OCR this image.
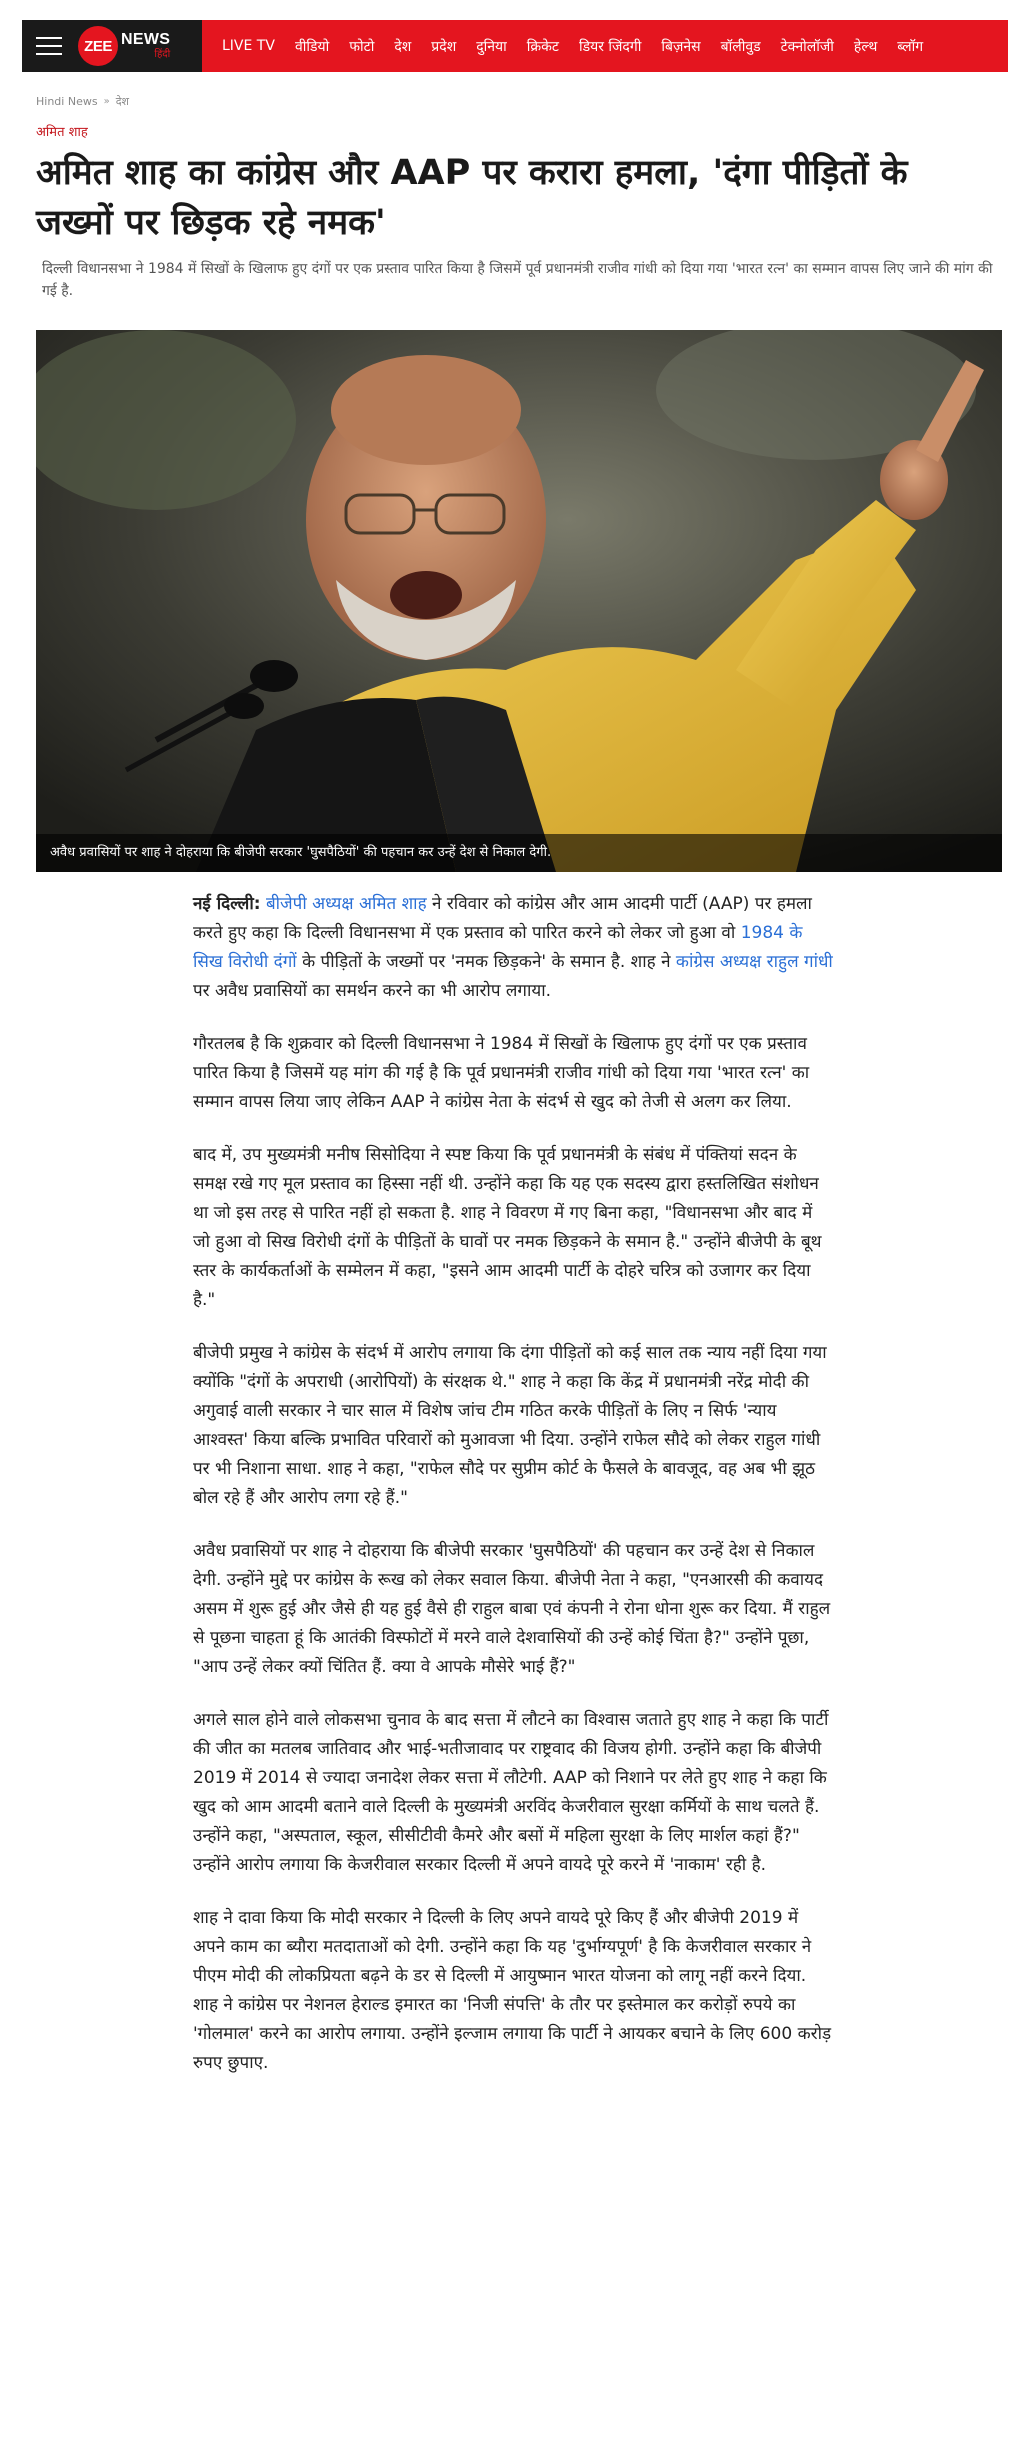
ZEE NEWS
हिंदी
LIVE TV	वीडियो	फोटो	देश	प्रदेश	दुनिया	क्रिकेट	डियर जिंदगी	बिज़नेस	बॉलीवुड	टेक्नोलॉजी	हेल्थ	ब्लॉग
Hindi News » देश
अमित शाह
अमित शाह का कांग्रेस और AAP पर करारा हमला, 'दंगा पीड़ितों के जख्मों पर छिड़क रहे नमक'

दिल्ली विधानसभा ने 1984 में सिखों के खिलाफ हुए दंगों पर एक प्रस्ताव पारित किया है जिसमें पूर्व प्रधानमंत्री राजीव गांधी को दिया गया 'भारत रत्न' का सम्मान वापस लिए जाने की मांग की गई है.

अवैध प्रवासियों पर शाह ने दोहराया कि बीजेपी सरकार 'घुसपैठियों' की पहचान कर उन्हें देश से निकाल देगी.

नई दिल्ली: बीजेपी अध्यक्ष अमित शाह ने रविवार को कांग्रेस और आम आदमी पार्टी (AAP) पर हमला करते हुए कहा कि दिल्ली विधानसभा में एक प्रस्ताव को पारित करने को लेकर जो हुआ वो 1984 के सिख विरोधी दंगों के पीड़ितों के जख्मों पर 'नमक छिड़कने' के समान है. शाह ने कांग्रेस अध्यक्ष राहुल गांधी पर अवैध प्रवासियों का समर्थन करने का भी आरोप लगाया.

गौरतलब है कि शुक्रवार को दिल्ली विधानसभा ने 1984 में सिखों के खिलाफ हुए दंगों पर एक प्रस्ताव पारित किया है जिसमें यह मांग की गई है कि पूर्व प्रधानमंत्री राजीव गांधी को दिया गया 'भारत रत्न' का सम्मान वापस लिया जाए लेकिन AAP ने कांग्रेस नेता के संदर्भ से खुद को तेजी से अलग कर लिया.

बाद में, उप मुख्यमंत्री मनीष सिसोदिया ने स्पष्ट किया कि पूर्व प्रधानमंत्री के संबंध में पंक्तियां सदन के समक्ष रखे गए मूल प्रस्ताव का हिस्सा नहीं थी. उन्होंने कहा कि यह एक सदस्य द्वारा हस्तलिखित संशोधन था जो इस तरह से पारित नहीं हो सकता है. शाह ने विवरण में गए बिना कहा, "विधानसभा और बाद में जो हुआ वो सिख विरोधी दंगों के पीड़ितों के घावों पर नमक छिड़कने के समान है." उन्होंने बीजेपी के बूथ स्तर के कार्यकर्ताओं के सम्मेलन में कहा, "इसने आम आदमी पार्टी के दोहरे चरित्र को उजागर कर दिया है."

बीजेपी प्रमुख ने कांग्रेस के संदर्भ में आरोप लगाया कि दंगा पीड़ितों को कई साल तक न्याय नहीं दिया गया क्योंकि "दंगों के अपराधी (आरोपियों) के संरक्षक थे." शाह ने कहा कि केंद्र में प्रधानमंत्री नरेंद्र मोदी की अगुवाई वाली सरकार ने चार साल में विशेष जांच टीम गठित करके पीड़ितों के लिए न सिर्फ 'न्याय आश्वस्त' किया बल्कि प्रभावित परिवारों को मुआवजा भी दिया. उन्होंने राफेल सौदे को लेकर राहुल गांधी पर भी निशाना साधा. शाह ने कहा, "राफेल सौदे पर सुप्रीम कोर्ट के फैसले के बावजूद, वह अब भी झूठ बोल रहे हैं और आरोप लगा रहे हैं."

अवैध प्रवासियों पर शाह ने दोहराया कि बीजेपी सरकार 'घुसपैठियों' की पहचान कर उन्हें देश से निकाल देगी. उन्होंने मुद्दे पर कांग्रेस के रूख को लेकर सवाल किया. बीजेपी नेता ने कहा, "एनआरसी की कवायद असम में शुरू हुई और जैसे ही यह हुई वैसे ही राहुल बाबा एवं कंपनी ने रोना धोना शुरू कर दिया. मैं राहुल से पूछना चाहता हूं कि आतंकी विस्फोटों में मरने वाले देशवासियों की उन्हें कोई चिंता है?" उन्होंने पूछा, "आप उन्हें लेकर क्यों चिंतित हैं. क्या वे आपके मौसेरे भाई हैं?"

अगले साल होने वाले लोकसभा चुनाव के बाद सत्ता में लौटने का विश्वास जताते हुए शाह ने कहा कि पार्टी की जीत का मतलब जातिवाद और भाई-भतीजावाद पर राष्ट्रवाद की विजय होगी. उन्होंने कहा कि बीजेपी 2019 में 2014 से ज्यादा जनादेश लेकर सत्ता में लौटेगी. AAP को निशाने पर लेते हुए शाह ने कहा कि खुद को आम आदमी बताने वाले दिल्ली के मुख्यमंत्री अरविंद केजरीवाल सुरक्षा कर्मियों के साथ चलते हैं. उन्होंने कहा, "अस्पताल, स्कूल, सीसीटीवी कैमरे और बसों में महिला सुरक्षा के लिए मार्शल कहां हैं?" उन्होंने आरोप लगाया कि केजरीवाल सरकार दिल्ली में अपने वायदे पूरे करने में 'नाकाम' रही है.

शाह ने दावा किया कि मोदी सरकार ने दिल्ली के लिए अपने वायदे पूरे किए हैं और बीजेपी 2019 में अपने काम का ब्यौरा मतदाताओं को देगी. उन्होंने कहा कि यह 'दुर्भाग्यपूर्ण' है कि केजरीवाल सरकार ने पीएम मोदी की लोकप्रियता बढ़ने के डर से दिल्ली में आयुष्मान भारत योजना को लागू नहीं करने दिया. शाह ने कांग्रेस पर नेशनल हेराल्ड इमारत का 'निजी संपत्ति' के तौर पर इस्तेमाल कर करोड़ों रुपये का 'गोलमाल' करने का आरोप लगाया. उन्होंने इल्जाम लगाया कि पार्टी ने आयकर बचाने के लिए 600 करोड़ रुपए छुपाए.
